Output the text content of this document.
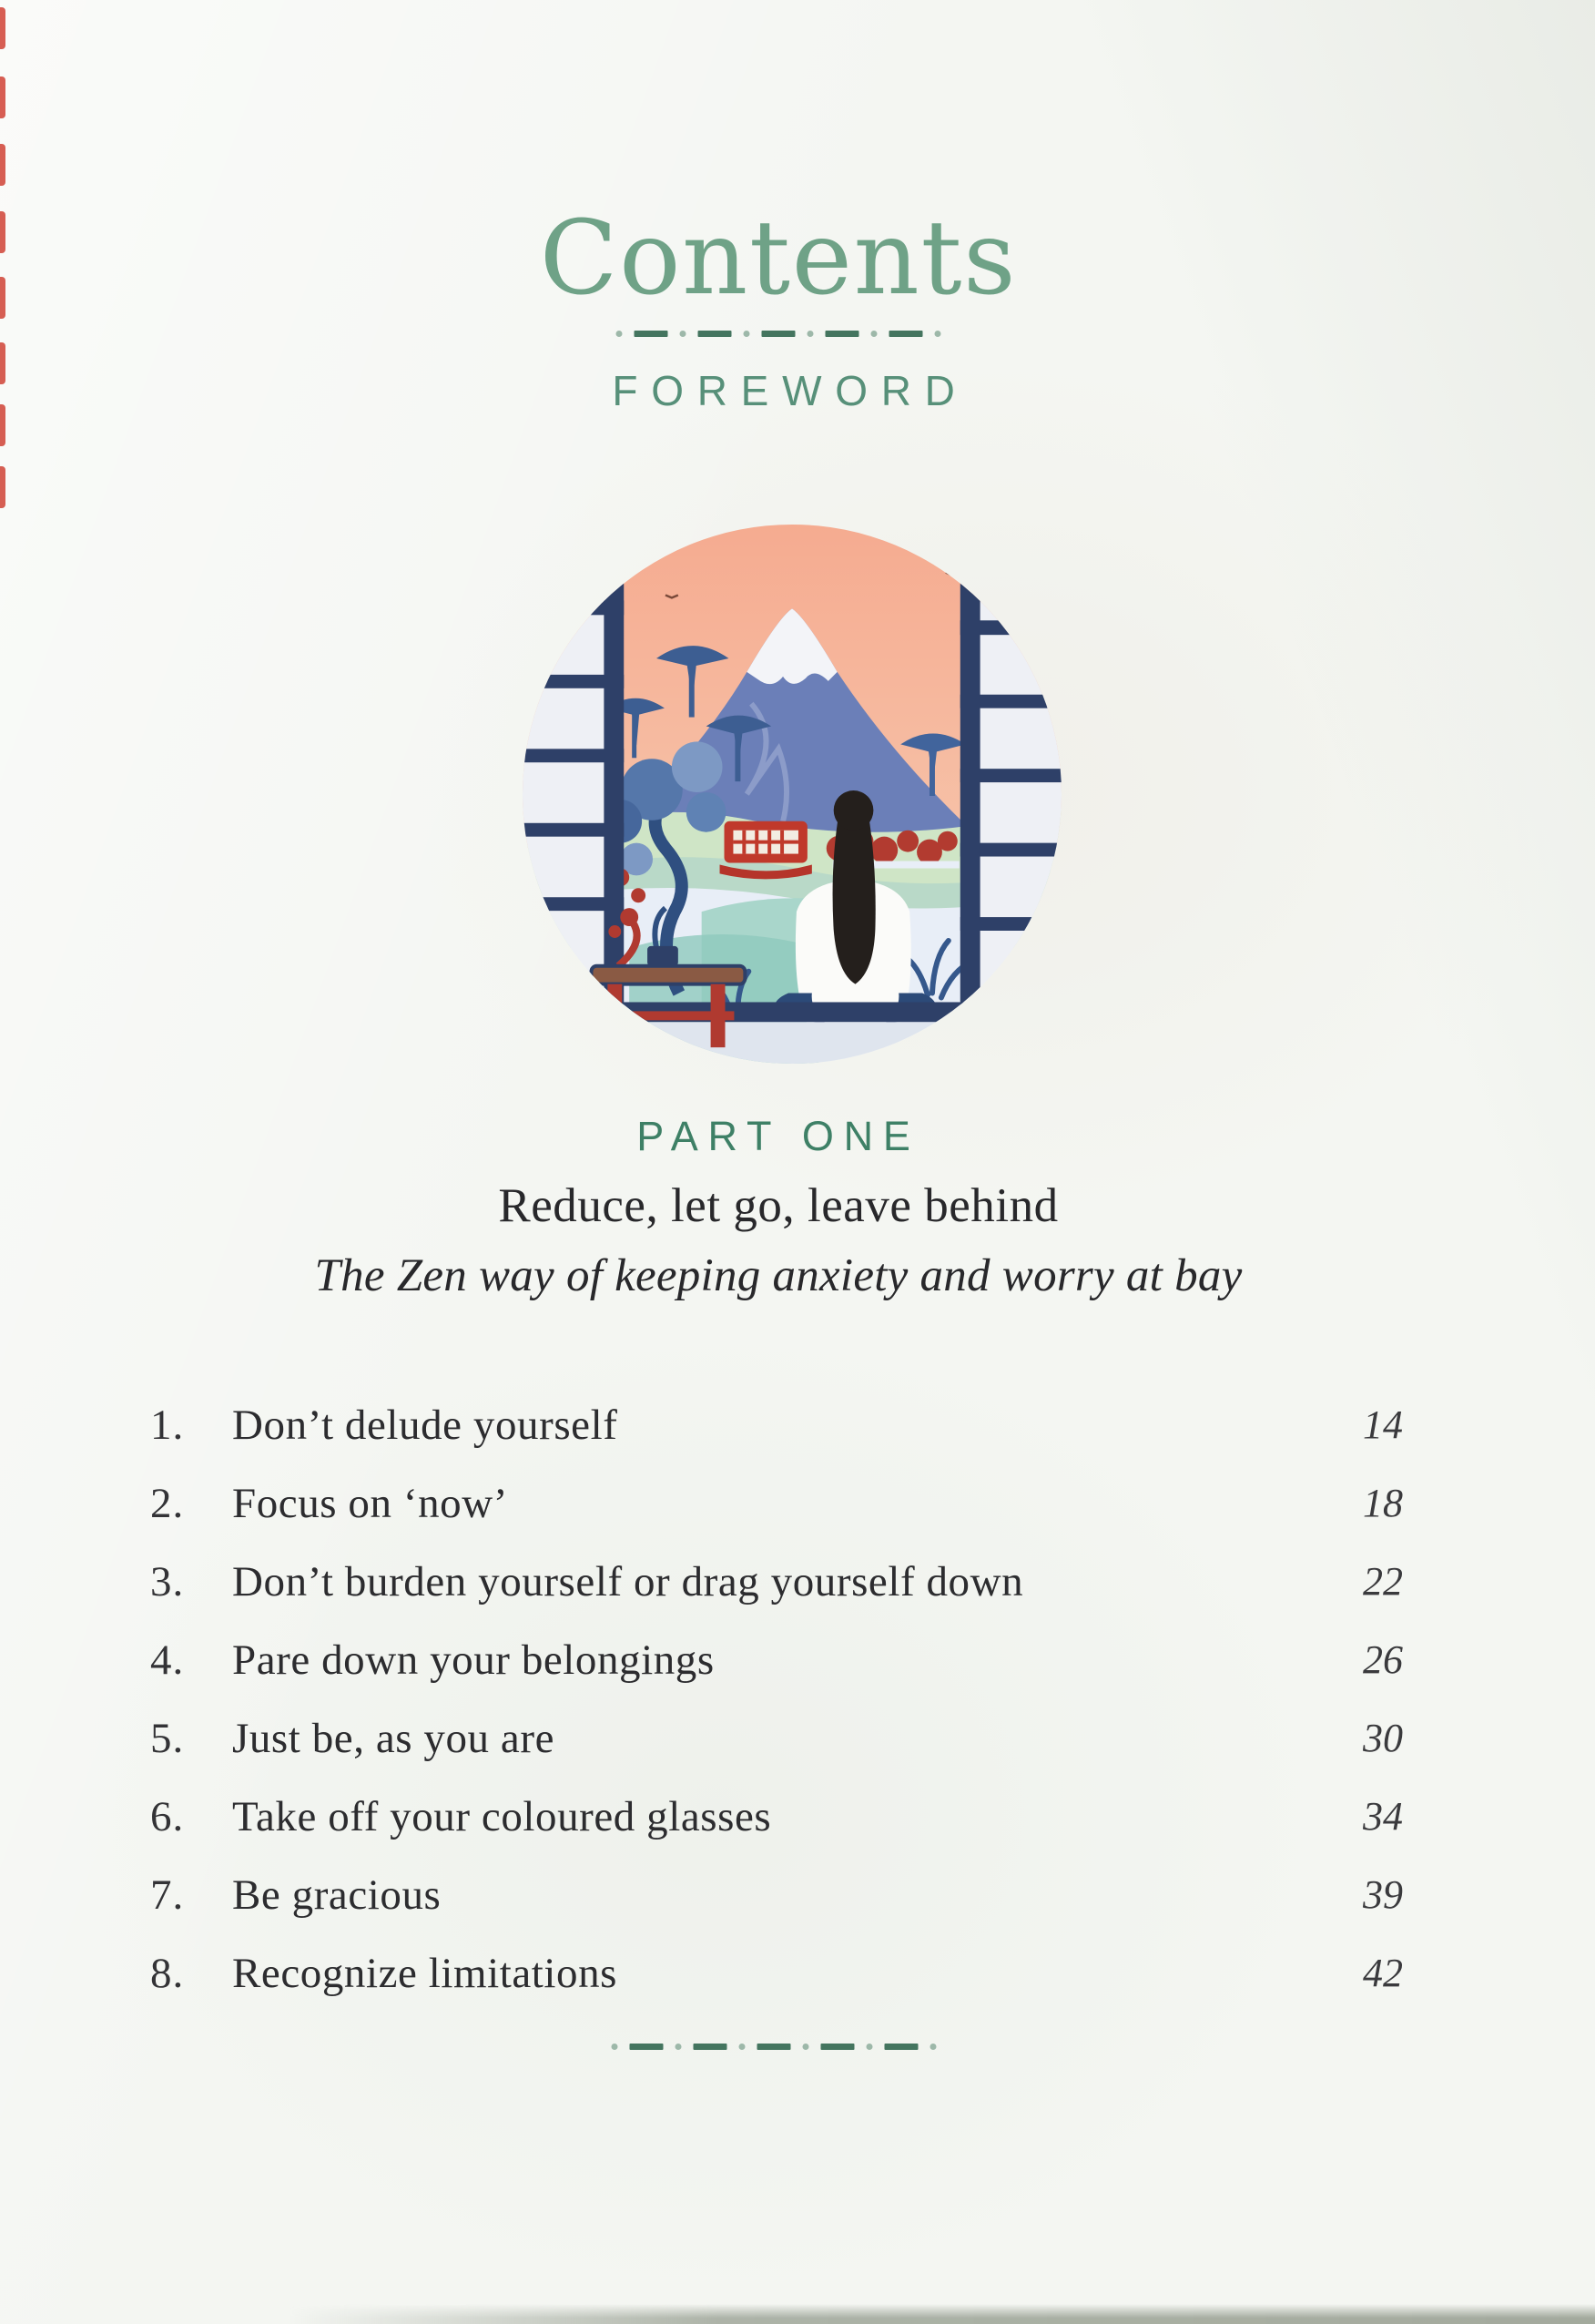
Contents
FOREWORD
PART ONE
Reduce, let go, leave behind
The Zen way of keeping anxiety and worry at bay
1.	Don’t delude yourself	14
2.	Focus on ‘now’	18
3.	Don’t burden yourself or drag yourself down	22
4.	Pare down your belongings	26
5.	Just be, as you are	30
6.	Take off your coloured glasses	34
7.	Be gracious	39
8.	Recognize limitations	42
